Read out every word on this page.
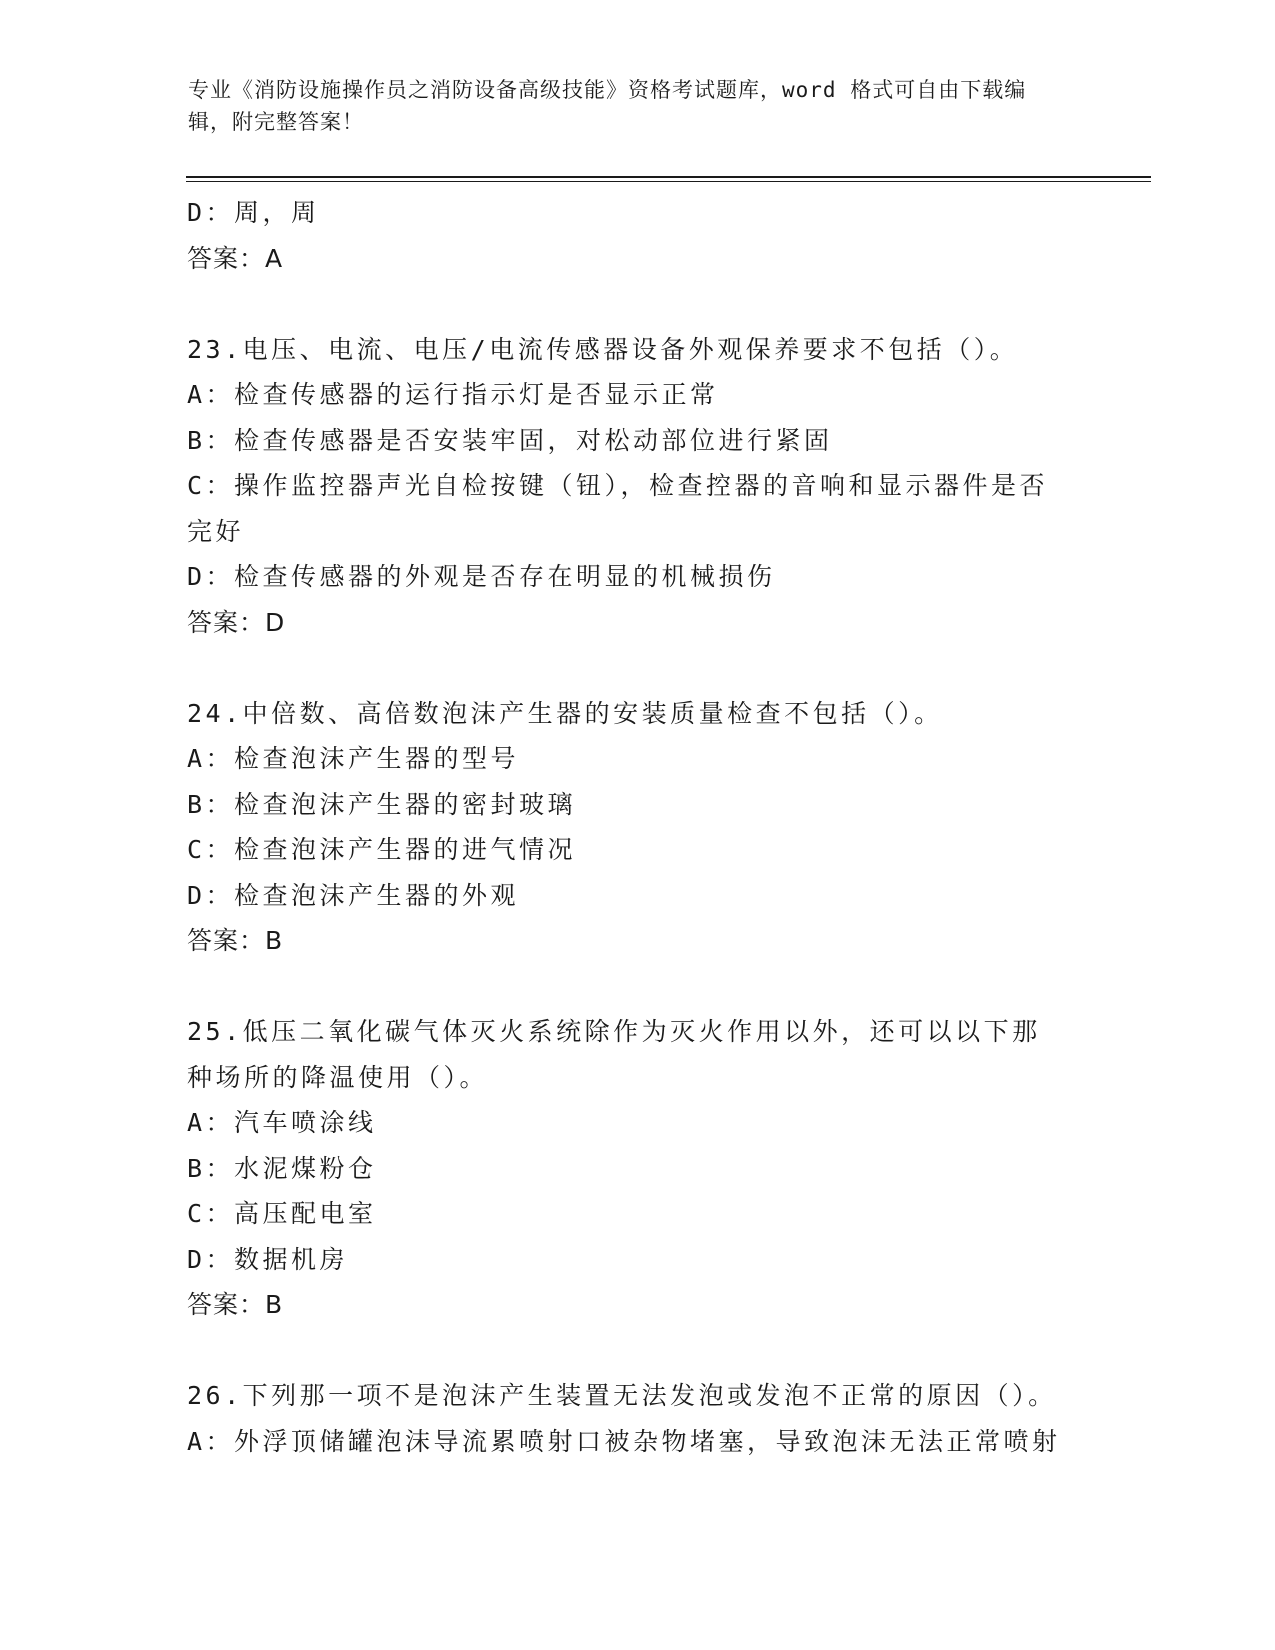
专业《消防设施操作员之消防设备高级技能》资格考试题库，word 格式可自由下载编辑，附完整答案！
D：周，周
答案：A
23.电压、电流、电压/电流传感器设备外观保养要求不包括（）。
A：检查传感器的运行指示灯是否显示正常
B：检查传感器是否安装牢固，对松动部位进行紧固
C：操作监控器声光自检按键（钮），检查控器的音响和显示器件是否完好
D：检查传感器的外观是否存在明显的机械损伤
答案：D
24.中倍数、高倍数泡沫产生器的安装质量检查不包括（）。
A：检查泡沫产生器的型号
B：检查泡沫产生器的密封玻璃
C：检查泡沫产生器的进气情况
D：检查泡沫产生器的外观
答案：B
25.低压二氧化碳气体灭火系统除作为灭火作用以外，还可以以下那种场所的降温使用（）。
A：汽车喷涂线
B：水泥煤粉仓
C：高压配电室
D：数据机房
答案：B
26.下列那一项不是泡沫产生装置无法发泡或发泡不正常的原因（）。
A：外浮顶储罐泡沫导流累喷射口被杂物堵塞，导致泡沫无法正常喷射
